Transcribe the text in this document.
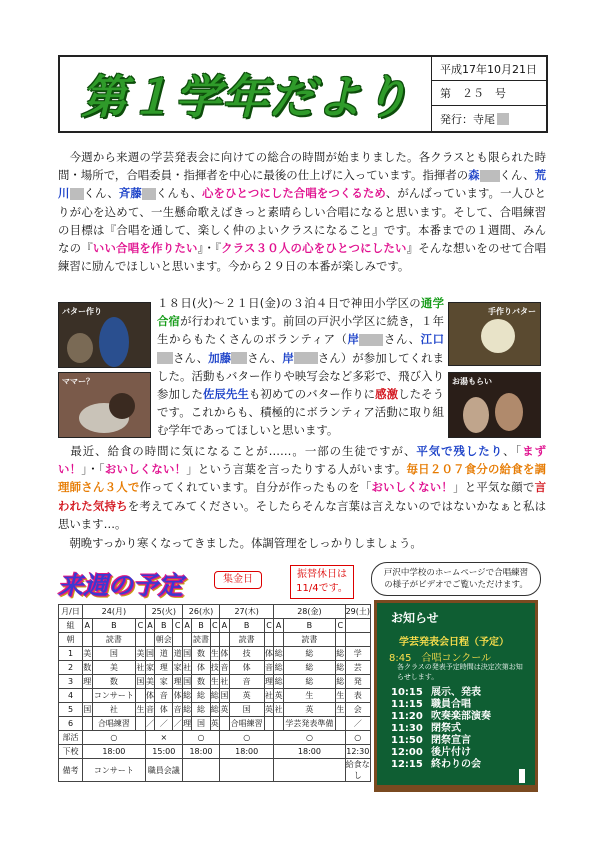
第１学年だより
平成17年10月21日
第　２５　号
発行：寺尾
　今週から来週の学芸発表会に向けての総合の時間が始まりました。各クラスとも限られた時間・場所で，合唱委員・指揮者を中心に最後の仕上げに入っています。指揮者の森 くん、荒川 くん、斉藤 くんも、心をひとつにした合唱をつくるため、がんばっています。一人ひとりが心を込めて、一生懸命歌えばきっと素晴らしい合唱になると思います。そして、合唱練習の目標は『合唱を通して、楽しく仲のよいクラスになること』です。本番までの１週間、みんなの『いい合唱を作りたい』・『クラス３０人の心をひとつにしたい』そんな想いをのせて合唱練習に励んでほしいと思います。今から２９日の本番が楽しみです。
バター作り
ママー？
手作りバター
お湯もらい
１８日(火)～２１日(金)の３泊４日で神田小学区の通学合宿が行われています。前回の戸沢小学区に続き，１年生からもたくさんのボランティア（岸 さん、江口さん、加藤 さん、岸 さん）が参加してくれました。活動もバター作りや映写会など多彩で、飛び入り参加した佐辰先生も初めてのバター作りに感激したそうです。これからも、積極的にボランティア活動に取り組む学年であってほしいと思います。
　最近、給食の時間に気になることが……。一部の生徒ですが、平気で残したり、「まずい！」・「おいしくない！」という言葉を言ったりする人がいます。毎日２０７食分の給食を調理師さん３人で作ってくれています。自分が作ったものを「おいしくない！」と平気な顔で言われた気持ちを考えてみてください。そしたらそんな言葉は言えないのではないかなぁと私は思います…。
　朝晩すっかり寒くなってきました。体調管理をしっかりしましょう。
来週の予定	集金日	振替休日は
11/4です。
戸沢中学校のホームページで合唱練習
の様子がビデオでご覧いただけます。
月/日	24(月)			25(火)			26(水)			27(木)			28(金)			29(土)
組	A	B	C	A	B	C	A	B	C	A	B	C	A	B	C	
朝		読書			朝会			読書			読書			読書		
1	美	国	美	国	道	道	国	数	生	体	技	体	総	総	総	学
2	数	美	社	家	理	家	社	体	技	音	体	音	総	総	総	芸
3	理	数	国	美	家	理	国	数	生	社	音	理	総	総	総	発
4		コンサート		体	音	体	総	総	総	国	英	社	英	生	生	表
5	国	社	生	音	体	音	総	総	総	英	国	英	社	英	生	会
6		合唱練習		／	／	／	理	国	英		合唱練習			学芸発表準備		／
部活	○			×			○			○			○			○
下校	18:00			15:00			18:00			18:00			18:00			12:30
備考	コンサート			職員会議												給食なし
お知らせ
学芸発表会日程（予定）
8:45　 合唱コンクール
各クラスの発表予定時間は決定次第お知らせします。
10:15 展示、発表
11:15 職員合唱
11:20 吹奏楽部演奏
11:30 閉祭式
11:50 閉祭宣言
12:00 後片付け
12:15 終わりの会
